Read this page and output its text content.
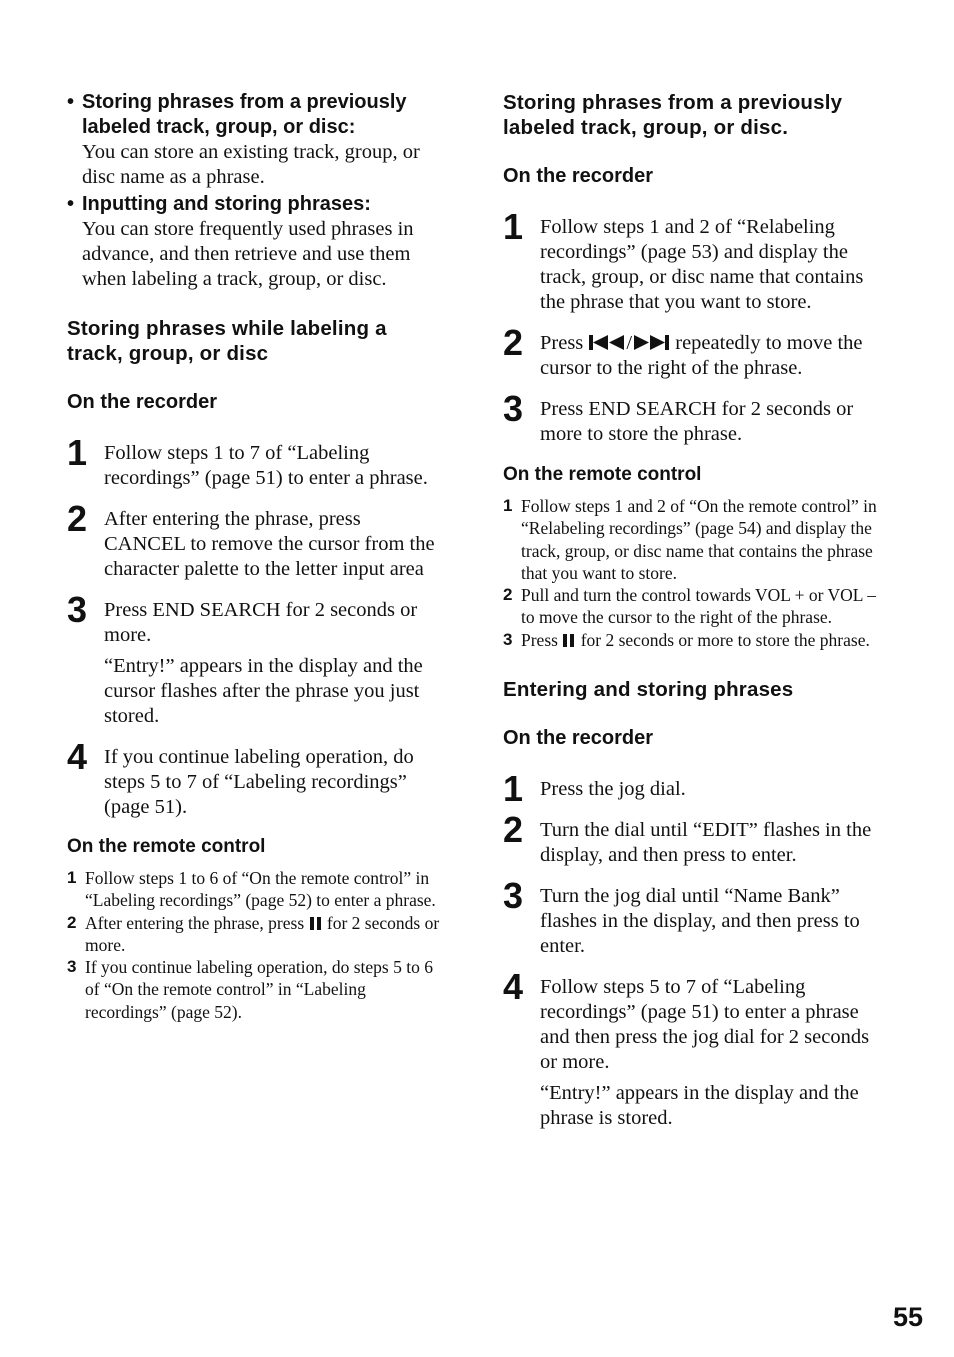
• Storing phrases from a previously labeled track, group, or disc:
You can store an existing track, group, or disc name as a phrase.
• Inputting and storing phrases:
You can store frequently used phrases in advance, and then retrieve and use them when labeling a track, group, or disc.
Storing phrases while labeling a track, group, or disc
On the recorder
1 Follow steps 1 to 7 of “Labeling recordings” (page 51) to enter a phrase.
2 After entering the phrase, press CANCEL to remove the cursor from the character palette to the letter input area
3 Press END SEARCH for 2 seconds or more.
“Entry!” appears in the display and the cursor flashes after the phrase you just stored.
4 If you continue labeling operation, do steps 5 to 7 of “Labeling recordings” (page 51).
On the remote control
1 Follow steps 1 to 6 of “On the remote control” in “Labeling recordings” (page 52) to enter a phrase.
2 After entering the phrase, press for 2 seconds or more.
3 If you continue labeling operation, do steps 5 to 6 of “On the remote control” in “Labeling recordings” (page 52).
Storing phrases from a previously labeled track, group, or disc.
On the recorder
1 Follow steps 1 and 2 of “Relabeling recordings” (page 53) and display the track, group, or disc name that contains the phrase that you want to store.
2 Press / repeatedly to move the cursor to the right of the phrase.
3 Press END SEARCH for 2 seconds or more to store the phrase.
On the remote control
1 Follow steps 1 and 2 of “On the remote control” in “Relabeling recordings” (page 54) and display the track, group, or disc name that contains the phrase that you want to store.
2 Pull and turn the control towards VOL + or VOL – to move the cursor to the right of the phrase.
3 Press for 2 seconds or more to store the phrase.
Entering and storing phrases
On the recorder
1 Press the jog dial.
2 Turn the dial until “EDIT” flashes in the display, and then press to enter.
3 Turn the jog dial until “Name Bank” flashes in the display, and then press to enter.
4 Follow steps 5 to 7 of “Labeling recordings” (page 51) to enter a phrase and then press the jog dial for 2 seconds or more.
“Entry!” appears in the display and the phrase is stored.
55
